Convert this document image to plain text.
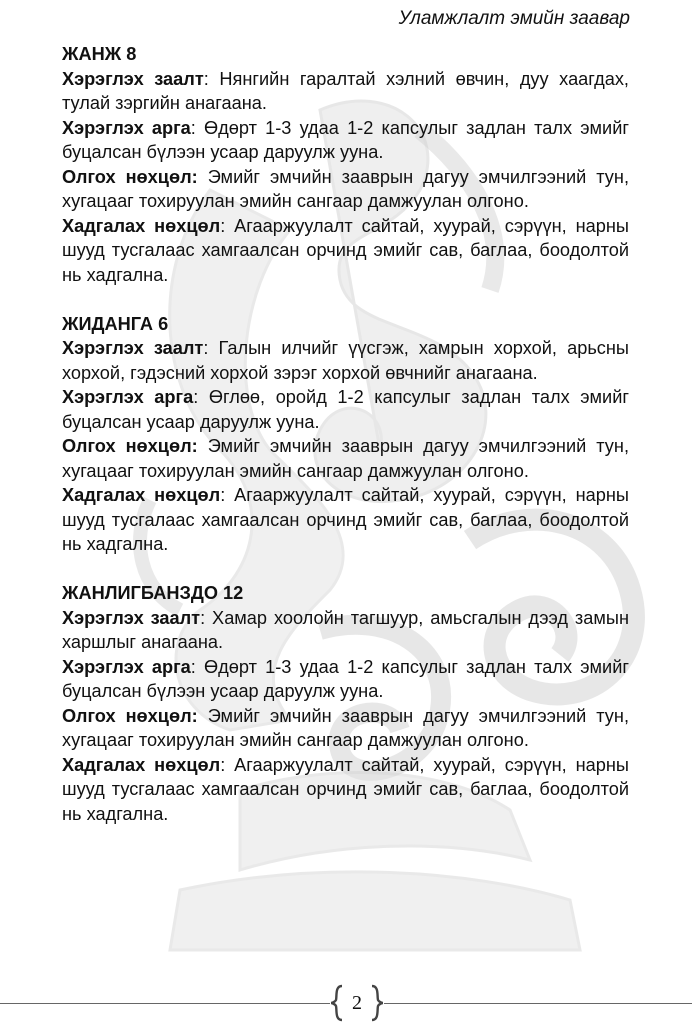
Уламжлалт эмийн заавар
ЖАНЖ 8

Хэрэглэх заалт: Нянгийн гаралтай хэлний өвчин, дуу хаагдах, тулай зэргийн анагаана.

Хэрэглэх арга: Өдөрт 1-3 удаа 1-2 капсулыг задлан талх эмийг буцалсан бүлээн усаар даруулж ууна.

Олгох нөхцөл: Эмийг эмчийн зааврын дагуу эмчилгээний тун, хугацааг тохируулан эмийн сангаар дамжуулан олгоно.

Хадгалах нөхцөл: Агааржуулалт сайтай, хуурай, сэрүүн, нарны шууд тусгалаас хамгаалсан орчинд эмийг сав, баглаа, боодолтой нь хадгална.

ЖИДАНГА 6

Хэрэглэх заалт: Галын илчийг үүсгэж, хамрын хорхой, арьсны хорхой, гэдэсний хорхой зэрэг хорхой өвчнийг анагаана.

Хэрэглэх арга: Өглөө, оройд 1-2 капсулыг задлан талх эмийг буцалсан усаар даруулж ууна.

Олгох нөхцөл: Эмийг эмчийн зааврын дагуу эмчилгээний тун, хугацааг тохируулан эмийн сангаар дамжуулан олгоно.

Хадгалах нөхцөл: Агааржуулалт сайтай, хуурай, сэрүүн, нарны шууд тусгалаас хамгаалсан орчинд эмийг сав, баглаа, боодолтой нь хадгална.

ЖАНЛИГБАНЗДО 12

Хэрэглэх заалт: Хамар хоолойн тагшуур, амьсгалын дээд замын харшлыг анагаана.

Хэрэглэх арга: Өдөрт 1-3 удаа 1-2 капсулыг задлан талх эмийг буцалсан бүлээн усаар даруулж ууна.

Олгох нөхцөл: Эмийг эмчийн зааврын дагуу эмчилгээний тун, хугацааг тохируулан эмийн сангаар дамжуулан олгоно.

Хадгалах нөхцөл: Агааржуулалт сайтай, хуурай, сэрүүн, нарны шууд тусгалаас хамгаалсан орчинд эмийг сав, баглаа, боодолтой нь хадгална.

2
